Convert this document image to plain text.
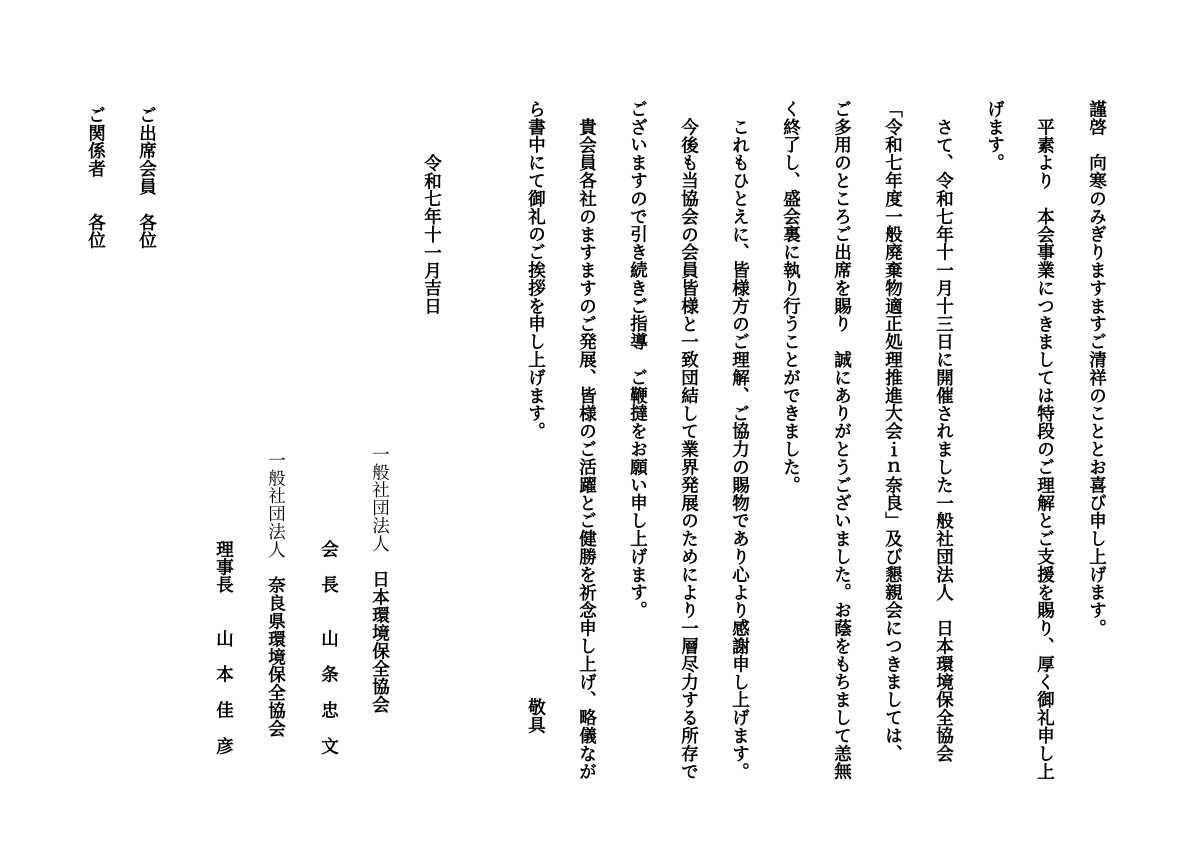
謹啓　向寒のみぎりますますご清祥のこととお喜び申し上げます。
平素より　本会事業につきましては特段のご理解とご支援を賜り、厚く御礼申し上
げます。
さて、令和七年十一月十三日に開催されました一般社団法人　日本環境保全協会
「令和七年度一般廃棄物適正処理推進大会ｉｎ奈良」及び懇親会につきましては、
ご多用のところご出席を賜り　誠にありがとうございました。お蔭をもちまして恙無
く終了し、盛会裏に執り行うことができました。
これもひとえに、皆様方のご理解、ご協力の賜物であり心より感謝申し上げます。
今後も当協会の会員皆様と一致団結して業界発展のためにより一層尽力する所存で
ございますので引き続きご指導　ご鞭撻をお願い申し上げます。
貴会員各社のますますのご発展、皆様のご活躍とご健勝を祈念申し上げ、略儀なが
ら書中にて御礼のご挨拶を申し上げます。
敬具
令和七年十一月吉日
一般社団法人　日本環境保全協会
会　長　　山　条　忠　文
一般社団法人　奈良県環境保全協会
理事長　　山　本　佳　彦
ご出席会員　各位
ご関係者　　各位
